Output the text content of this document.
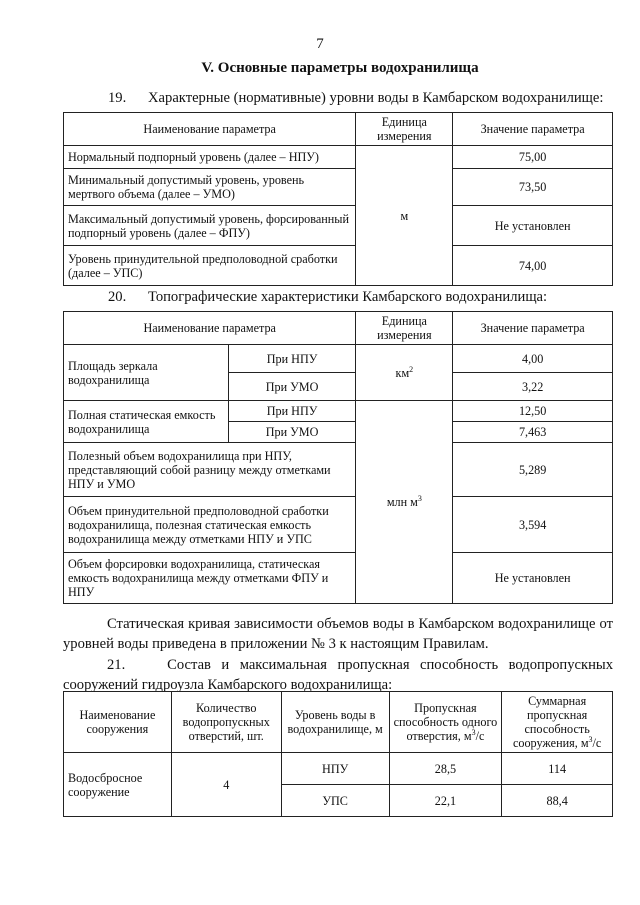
7
V. Основные параметры водохранилища
19. Характерные (нормативные) уровни воды в Камбарском водохранилище:
Наименование параметра	Единица измерения	Значение параметра
Нормальный подпорный уровень (далее – НПУ)	м	75,00
Минимальный допустимый уровень, уровень мертвого объема (далее – УМО)		73,50
Максимальный допустимый уровень, форсированный подпорный уровень (далее – ФПУ)		Не установлен
Уровень принудительной предполоводной сработки (далее – УПС)		74,00
20. Топографические характеристики Камбарского водохранилища:
Наименование параметра		Единица измерения	Значение параметра
Площадь зеркала водохранилища	При НПУ	$км^2$	4,00
	При УМО		3,22
Полная статическая емкость водохранилища	При НПУ	млн $м^3$	12,50
	При УМО		7,463
Полезный объем водохранилища при НПУ, представляющий собой разницу между отметками НПУ и УМО			5,289
Объем принудительной предполоводной сработки водохранилища, полезная статическая емкость водохранилища между отметками НПУ и УПС			3,594
Объем форсировки водохранилища, статическая емкость водохранилища между отметками ФПУ и НПУ			Не установлен
Статическая кривая зависимости объемов воды в Камбарском водохранилище от уровней воды приведена в приложении № 3 к настоящим Правилам.
21.	Состав и максимальная пропускная способность водопропускных сооружений гидроузла Камбарского водохранилища:
Наименование сооружения	Количество водопропускных отверстий, шт.	Уровень воды в водохранилище, м	Пропускная способность одного отверстия, $м^3/с$	Суммарная пропускная способность сооружения, $м^3/с$
Водосбросное сооружение	4	НПУ	28,5	114
		УПС	22,1	88,4
